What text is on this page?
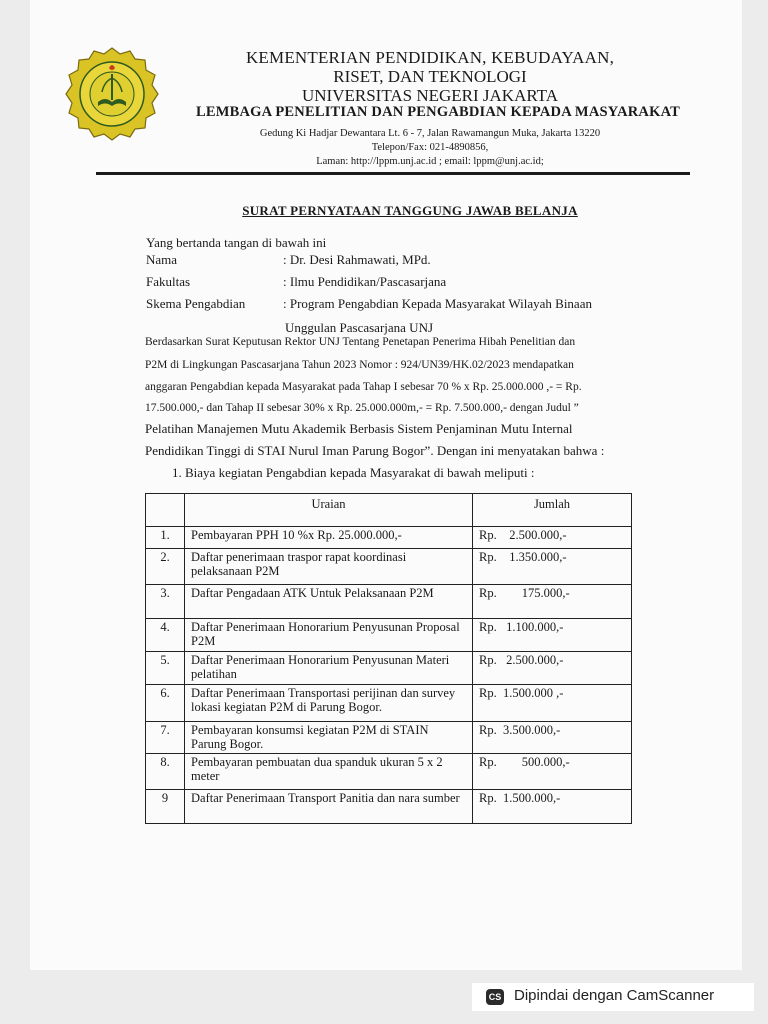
KEMENTERIAN PENDIDIKAN, KEBUDAYAAN,
RISET, DAN TEKNOLOGI
UNIVERSITAS NEGERI JAKARTA
LEMBAGA PENELITIAN DAN PENGABDIAN KEPADA MASYARAKAT
Gedung Ki Hadjar Dewantara Lt. 6 - 7, Jalan Rawamangun Muka, Jakarta 13220
Telepon/Fax: 021-4890856,
Laman: http://lppm.unj.ac.id ; email: lppm@unj.ac.id;
SURAT PERNYATAAN TANGGUNG JAWAB BELANJA
Yang bertanda tangan di bawah ini
Nama	: Dr. Desi Rahmawati, MPd.
Fakultas	: Ilmu Pendidikan/Pascasarjana
Skema Pengabdian	: Program Pengabdian Kepada Masyarakat Wilayah Binaan
Unggulan Pascasarjana UNJ
Berdasarkan Surat Keputusan Rektor UNJ Tentang Penetapan Penerima Hibah Penelitian dan
P2M di Lingkungan Pascasarjana Tahun 2023 Nomor : 924/UN39/HK.02/2023 mendapatkan
anggaran Pengabdian kepada Masyarakat pada Tahap I sebesar 70 % x Rp. 25.000.000 ,- = Rp.
17.500.000,- dan Tahap II sebesar 30% x Rp. 25.000.000m,- = Rp. 7.500.000,- dengan Judul ”
Pelatihan Manajemen Mutu Akademik Berbasis Sistem Penjaminan Mutu Internal
Pendidikan Tinggi di STAI Nurul Iman Parung Bogor”. Dengan ini menyatakan bahwa :
1. Biaya kegiatan Pengabdian kepada Masyarakat di bawah meliputi :
	Uraian	Jumlah
1.	Pembayaran PPH 10 %x Rp. 25.000.000,-	Rp.    2.500.000,-
2.	Daftar penerimaan traspor rapat koordinasi pelaksanaan P2M	Rp.    1.350.000,-
3.	Daftar Pengadaan ATK Untuk Pelaksanaan P2M	Rp.        175.000,-
4.	Daftar Penerimaan Honorarium Penyusunan Proposal P2M	Rp.   1.100.000,-
5.	Daftar Penerimaan Honorarium Penyusunan Materi pelatihan	Rp.   2.500.000,-
6.	Daftar Penerimaan Transportasi perijinan dan survey lokasi kegiatan P2M di Parung Bogor.	Rp.  1.500.000 ,-
7.	Pembayaran konsumsi kegiatan P2M di STAIN Parung Bogor.	Rp.  3.500.000,-
8.	Pembayaran pembuatan dua spanduk ukuran 5 x 2 meter	Rp.        500.000,-
9	Daftar Penerimaan Transport Panitia dan nara sumber	Rp.  1.500.000,-
CS Dipindai dengan CamScanner
